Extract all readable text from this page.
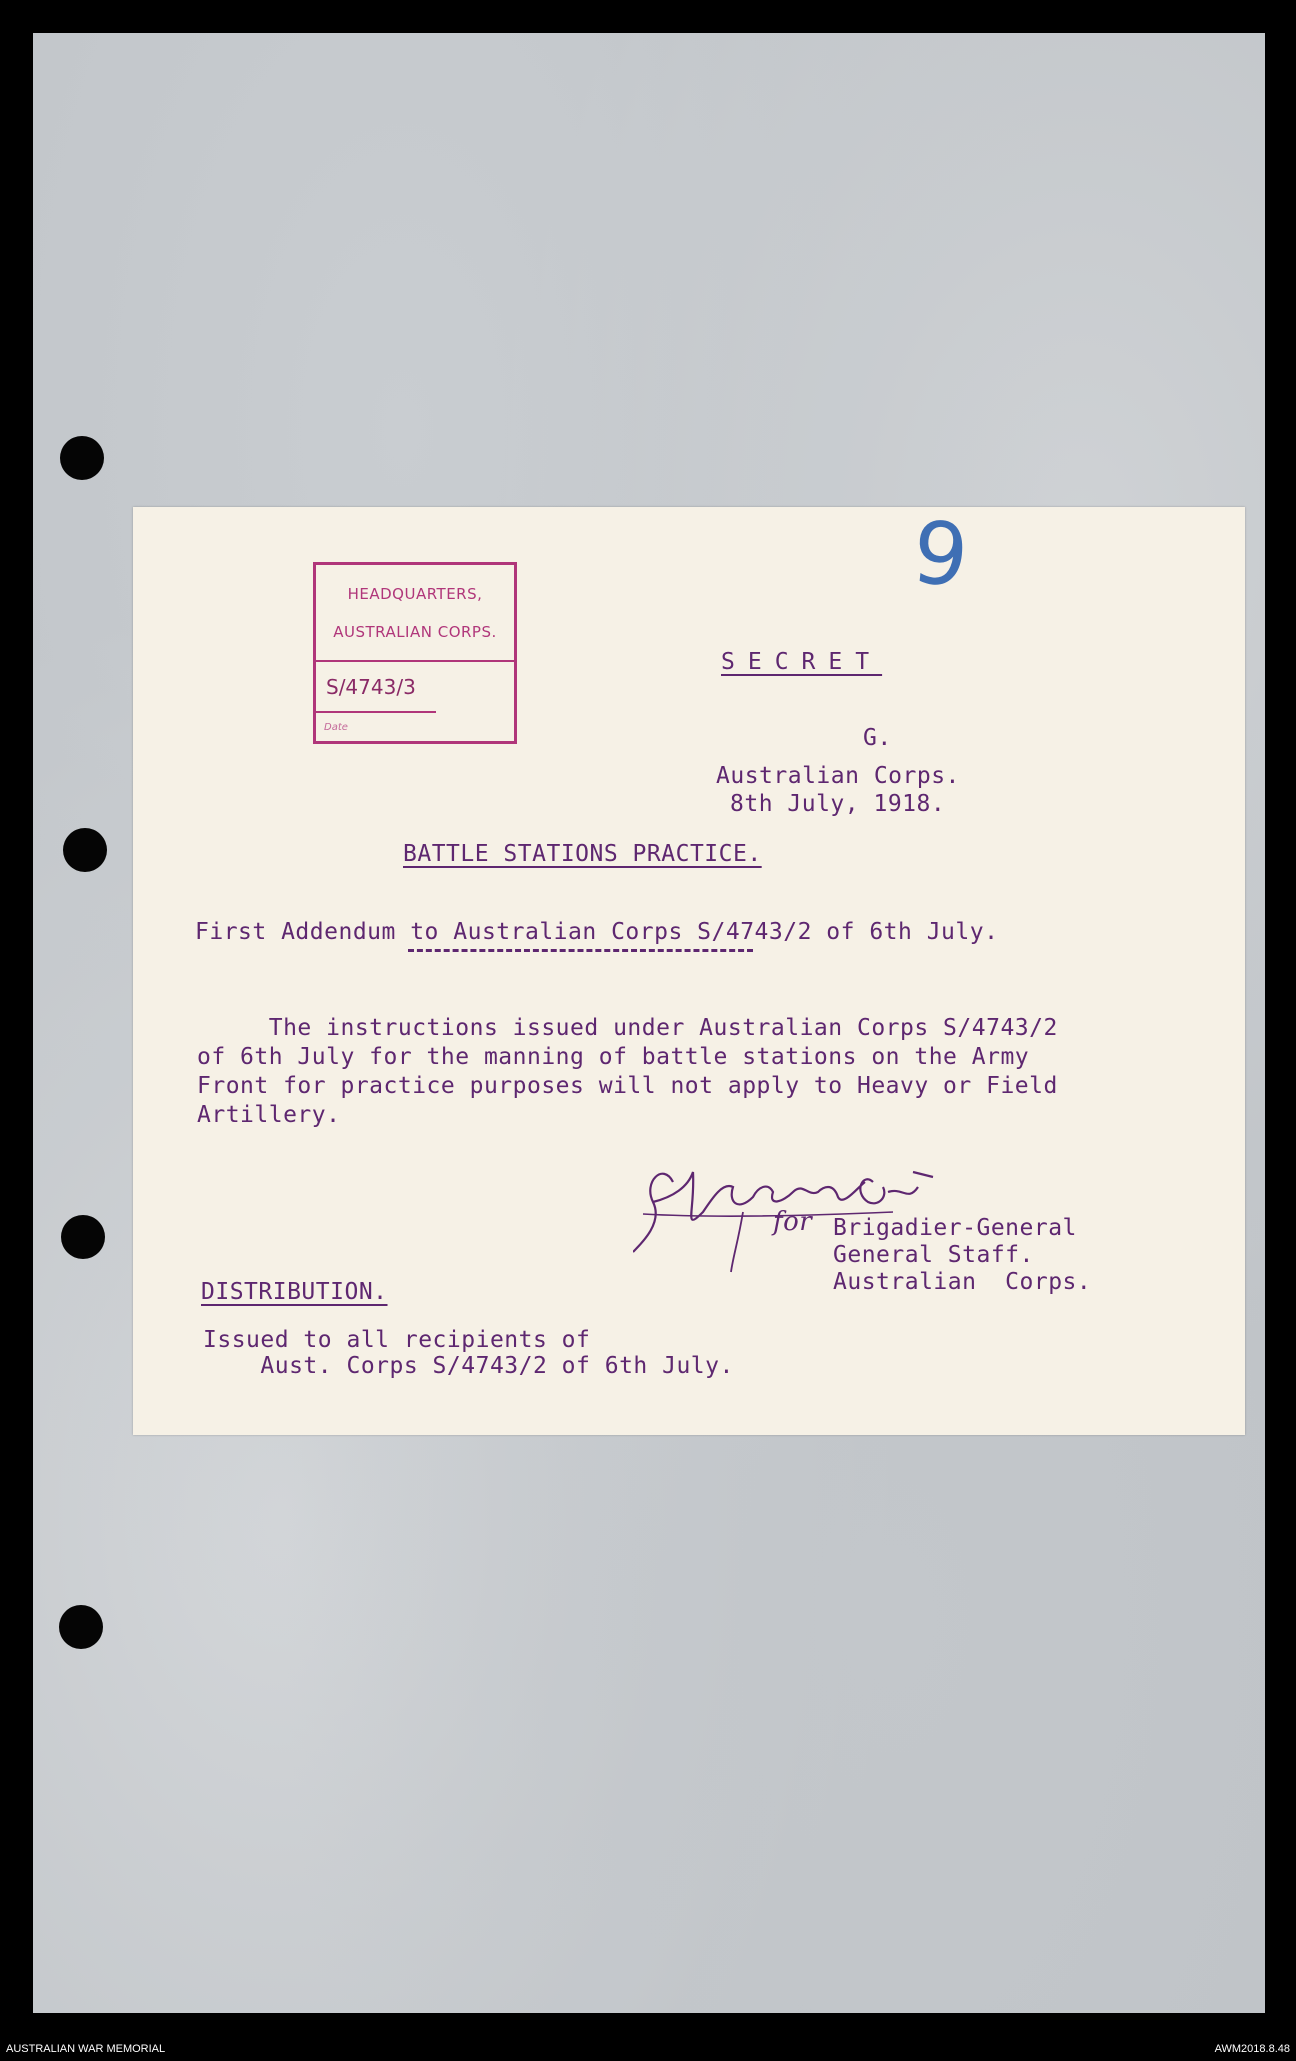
9
HEADQUARTERS,
AUSTRALIAN CORPS.
S/4743/3
Date
SECRET
G.
Australian Corps.
8th July, 1918.
BATTLE STATIONS PRACTICE.
First Addendum to Australian Corps S/4743/2 of 6th July.
The instructions issued under Australian Corps S/4743/2
of 6th July for the manning of battle stations on the Army
Front for practice purposes will not apply to Heavy or Field
Artillery.
for Brigadier-General
General Staff.
Australian  Corps.
DISTRIBUTION.
Issued to all recipients of
Aust. Corps S/4743/2 of 6th July.
AUSTRALIAN WAR MEMORIAL	AWM2018.8.48
